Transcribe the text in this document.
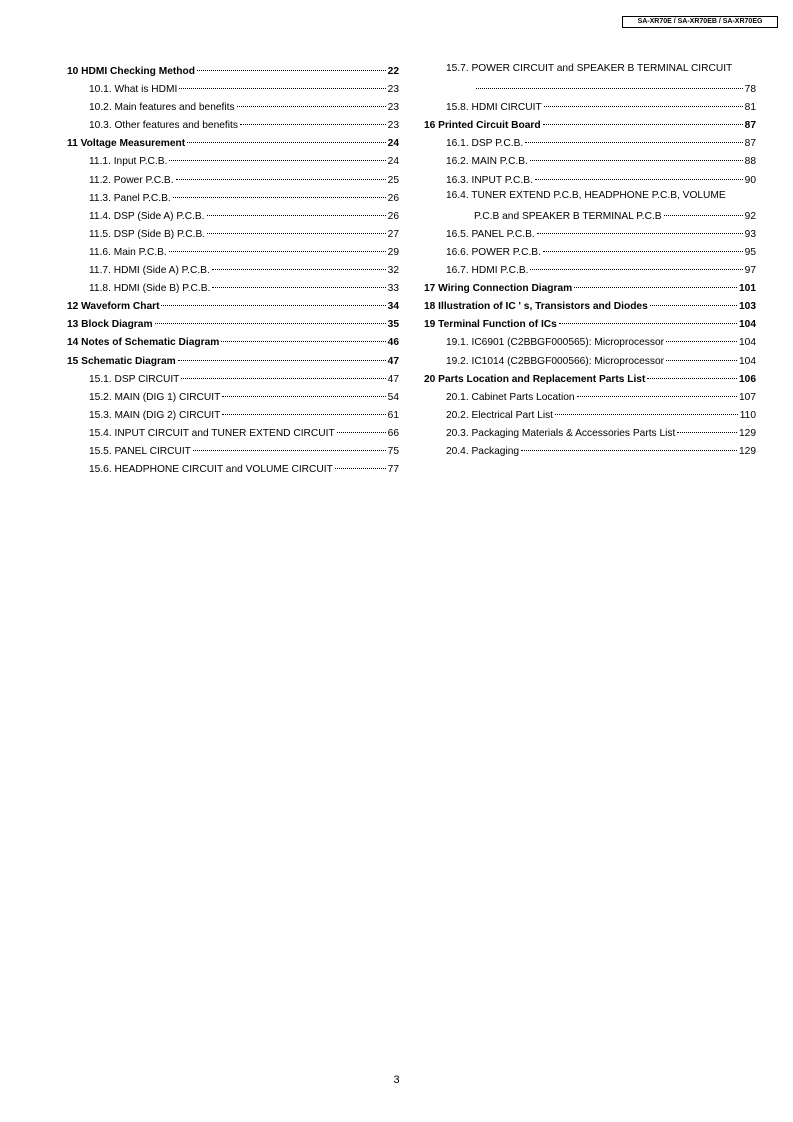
SA-XR70E / SA-XR70EB / SA-XR70EG
10 HDMI Checking Method	22
10.1. What is HDMI	23
10.2. Main features and benefits	23
10.3. Other features and benefits	23
11 Voltage Measurement	24
11.1. Input P.C.B.	24
11.2. Power P.C.B.	25
11.3. Panel P.C.B.	26
11.4. DSP (Side A) P.C.B.	26
11.5. DSP (Side B) P.C.B.	27
11.6. Main P.C.B.	29
11.7. HDMI (Side A) P.C.B.	32
11.8. HDMI (Side B) P.C.B.	33
12 Waveform Chart	34
13 Block Diagram	35
14 Notes of Schematic Diagram	46
15 Schematic Diagram	47
15.1. DSP CIRCUIT	47
15.2. MAIN (DIG 1) CIRCUIT	54
15.3. MAIN (DIG 2) CIRCUIT	61
15.4. INPUT CIRCUIT and TUNER EXTEND CIRCUIT	66
15.5. PANEL CIRCUIT	75
15.6. HEADPHONE CIRCUIT and VOLUME CIRCUIT	77
15.7. POWER CIRCUIT and SPEAKER B TERMINAL CIRCUIT
78
15.8. HDMI CIRCUIT	81
16 Printed Circuit Board	87
16.1. DSP P.C.B.	87
16.2. MAIN P.C.B.	88
16.3. INPUT P.C.B.	90
16.4. TUNER EXTEND P.C.B, HEADPHONE P.C.B, VOLUME
P.C.B and SPEAKER B TERMINAL P.C.B	92
16.5. PANEL P.C.B.	93
16.6. POWER P.C.B.	95
16.7. HDMI P.C.B.	97
17 Wiring Connection Diagram	101
18 Illustration of IC ' s, Transistors and Diodes	103
19 Terminal Function of ICs	104
19.1. IC6901 (C2BBGF000565): Microprocessor	104
19.2. IC1014 (C2BBGF000566): Microprocessor	104
20 Parts Location and Replacement Parts List	106
20.1. Cabinet Parts Location	107
20.2. Electrical Part List	110
20.3. Packaging Materials & Accessories Parts List	129
20.4. Packaging	129
3
